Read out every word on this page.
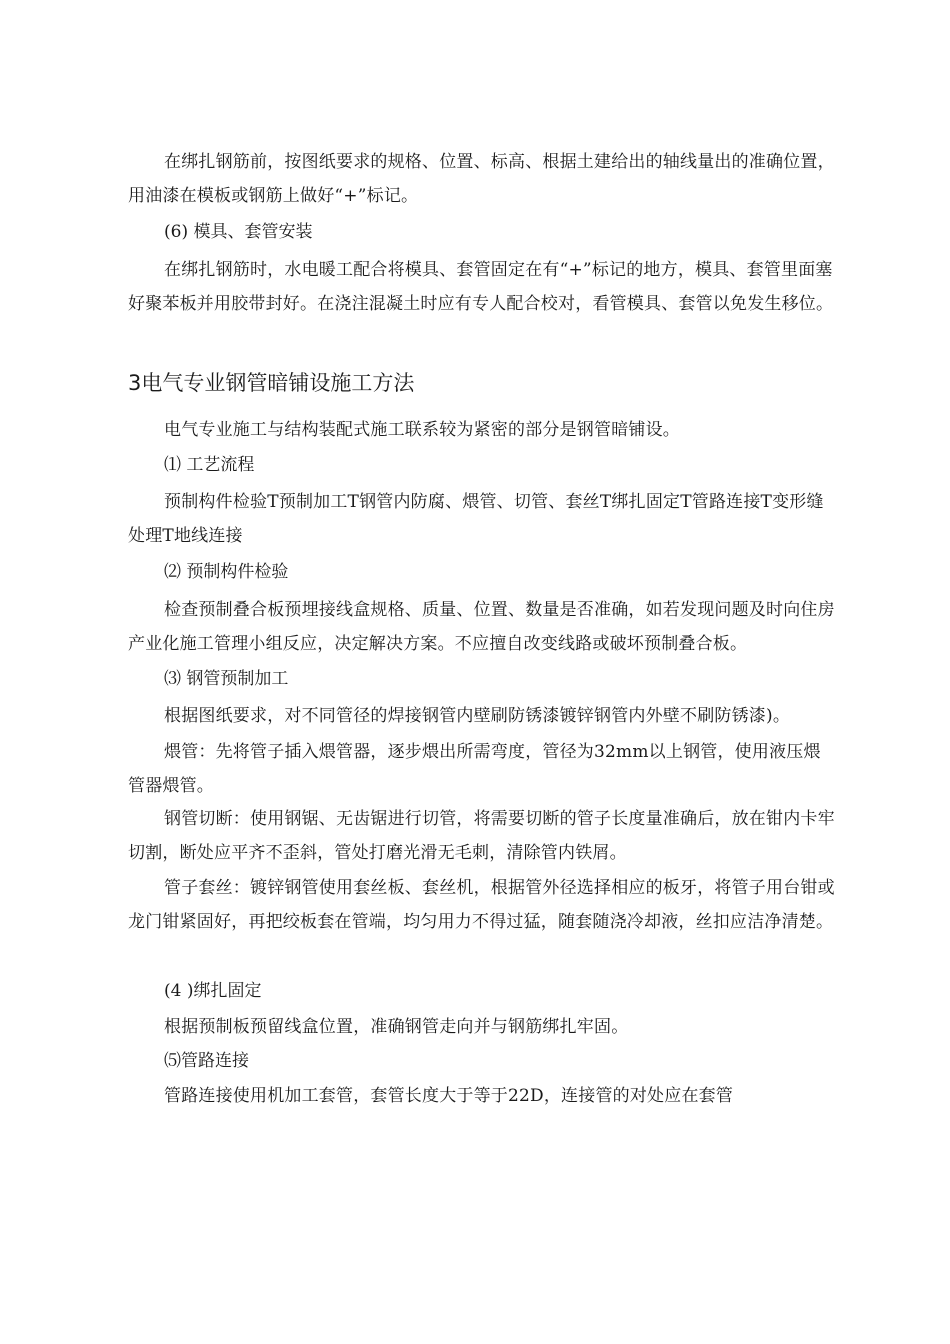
在绑扎钢筋前，按图纸要求的规格、位置、标高、根据土建给出的轴线量出的准确位置，用油漆在模板或钢筋上做好“+”标记。

(6) 模具、套管安装

在绑扎钢筋时，水电暖工配合将模具、套管固定在有“+”标记的地方，模具、套管里面塞好聚苯板并用胶带封好。在浇注混凝土时应有专人配合校对，看管模具、套管以免发生移位。

3电气专业钢管暗铺设施工方法

电气专业施工与结构装配式施工联系较为紧密的部分是钢管暗铺设。

⑴ 工艺流程

预制构件检验T预制加工T钢管内防腐、煨管、切管、套丝T绑扎固定T管路连接T变形缝处理T地线连接

⑵ 预制构件检验

检查预制叠合板预埋接线盒规格、质量、位置、数量是否准确，如若发现问题及时向住房产业化施工管理小组反应，决定解决方案。不应擅自改变线路或破坏预制叠合板。

⑶ 钢管预制加工

根据图纸要求，对不同管径的焊接钢管内壁刷防锈漆镀锌钢管内外壁不刷防锈漆)。

煨管：先将管子插入煨管器，逐步煨出所需弯度，管径为32mm以上钢管，使用液压煨管器煨管。

钢管切断：使用钢锯、无齿锯进行切管，将需要切断的管子长度量准确后，放在钳内卡牢切割，断处应平齐不歪斜，管处打磨光滑无毛刺，清除管内铁屑。

管子套丝：镀锌钢管使用套丝板、套丝机，根据管外径选择相应的板牙，将管子用台钳或龙门钳紧固好，再把绞板套在管端，均匀用力不得过猛，随套随浇冷却液，丝扣应洁净清楚。

(4 )绑扎固定

根据预制板预留线盒位置，准确钢管走向并与钢筋绑扎牢固。

⑸管路连接

管路连接使用机加工套管，套管长度大于等于22D，连接管的对处应在套管
